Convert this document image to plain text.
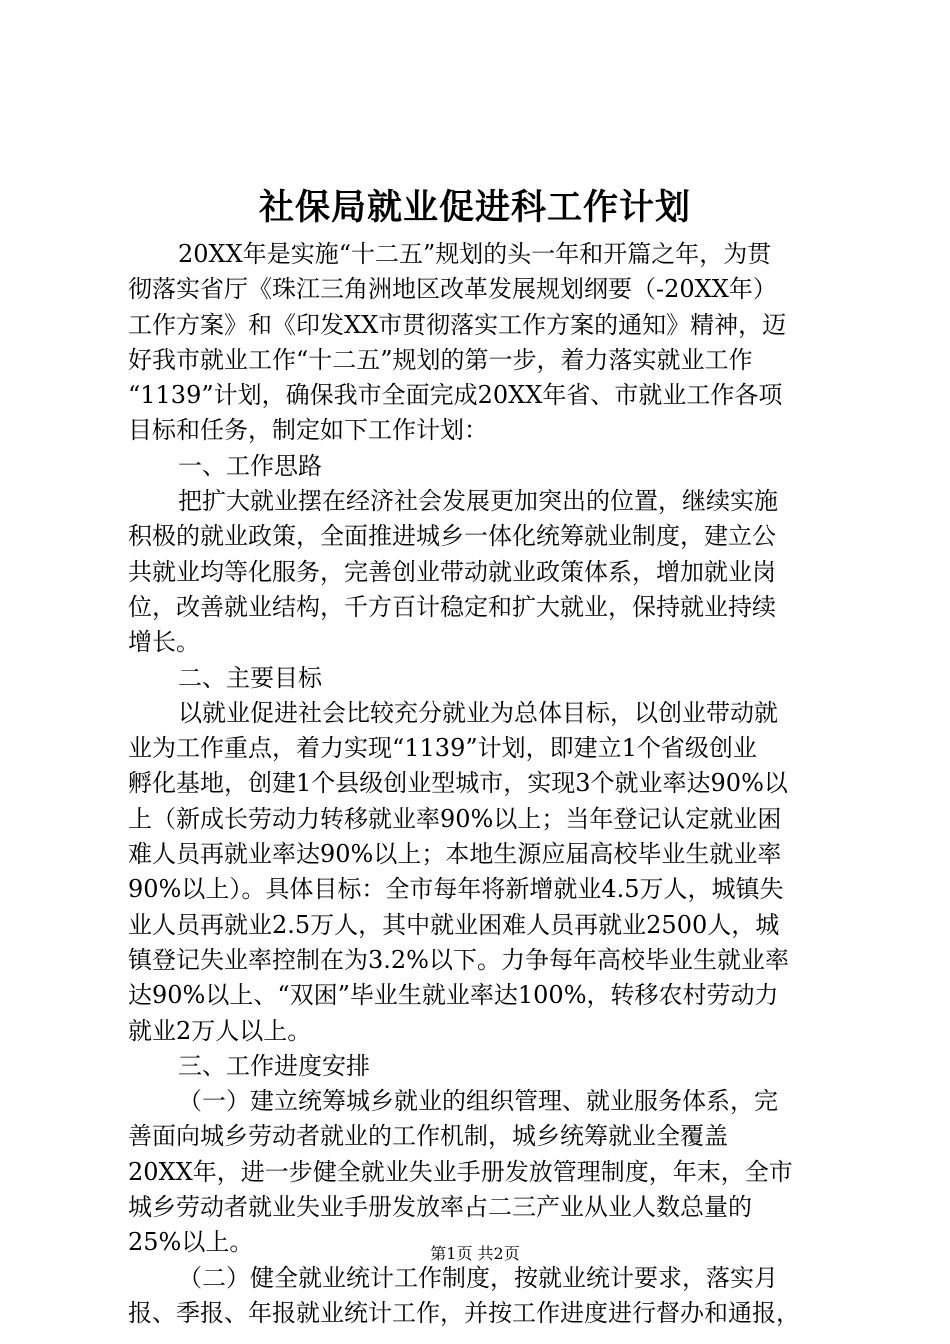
社保局就业促进科工作计划
20XX年是实施“十二五”规划的头一年和开篇之年，为贯
彻落实省厅《珠江三角洲地区改革发展规划纲要（-20XX年）
工作方案》和《印发XX市贯彻落实工作方案的通知》精神，迈
好我市就业工作“十二五”规划的第一步，着力落实就业工作
“1139”计划，确保我市全面完成20XX年省、市就业工作各项
目标和任务，制定如下工作计划：
一、工作思路
把扩大就业摆在经济社会发展更加突出的位置，继续实施
积极的就业政策，全面推进城乡一体化统筹就业制度，建立公
共就业均等化服务，完善创业带动就业政策体系，增加就业岗
位，改善就业结构，千方百计稳定和扩大就业，保持就业持续
增长。
二、主要目标
以就业促进社会比较充分就业为总体目标，以创业带动就
业为工作重点，着力实现“1139”计划，即建立1个省级创业
孵化基地，创建1个县级创业型城市，实现3个就业率达90%以
上（新成长劳动力转移就业率90%以上；当年登记认定就业困
难人员再就业率达90%以上；本地生源应届高校毕业生就业率
90%以上）。具体目标：全市每年将新增就业4.5万人，城镇失
业人员再就业2.5万人，其中就业困难人员再就业2500人，城
镇登记失业率控制在为3.2%以下。力争每年高校毕业生就业率
达90%以上、“双困”毕业生就业率达100%，转移农村劳动力
就业2万人以上。
三、工作进度安排
（一）建立统筹城乡就业的组织管理、就业服务体系，完
善面向城乡劳动者就业的工作机制，城乡统筹就业全覆盖
20XX年，进一步健全就业失业手册发放管理制度，年末，全市
城乡劳动者就业失业手册发放率占二三产业从业人数总量的
25%以上。
（二）健全就业统计工作制度，按就业统计要求，落实月
报、季报、年报就业统计工作，并按工作进度进行督办和通报，
第1页 共2页
